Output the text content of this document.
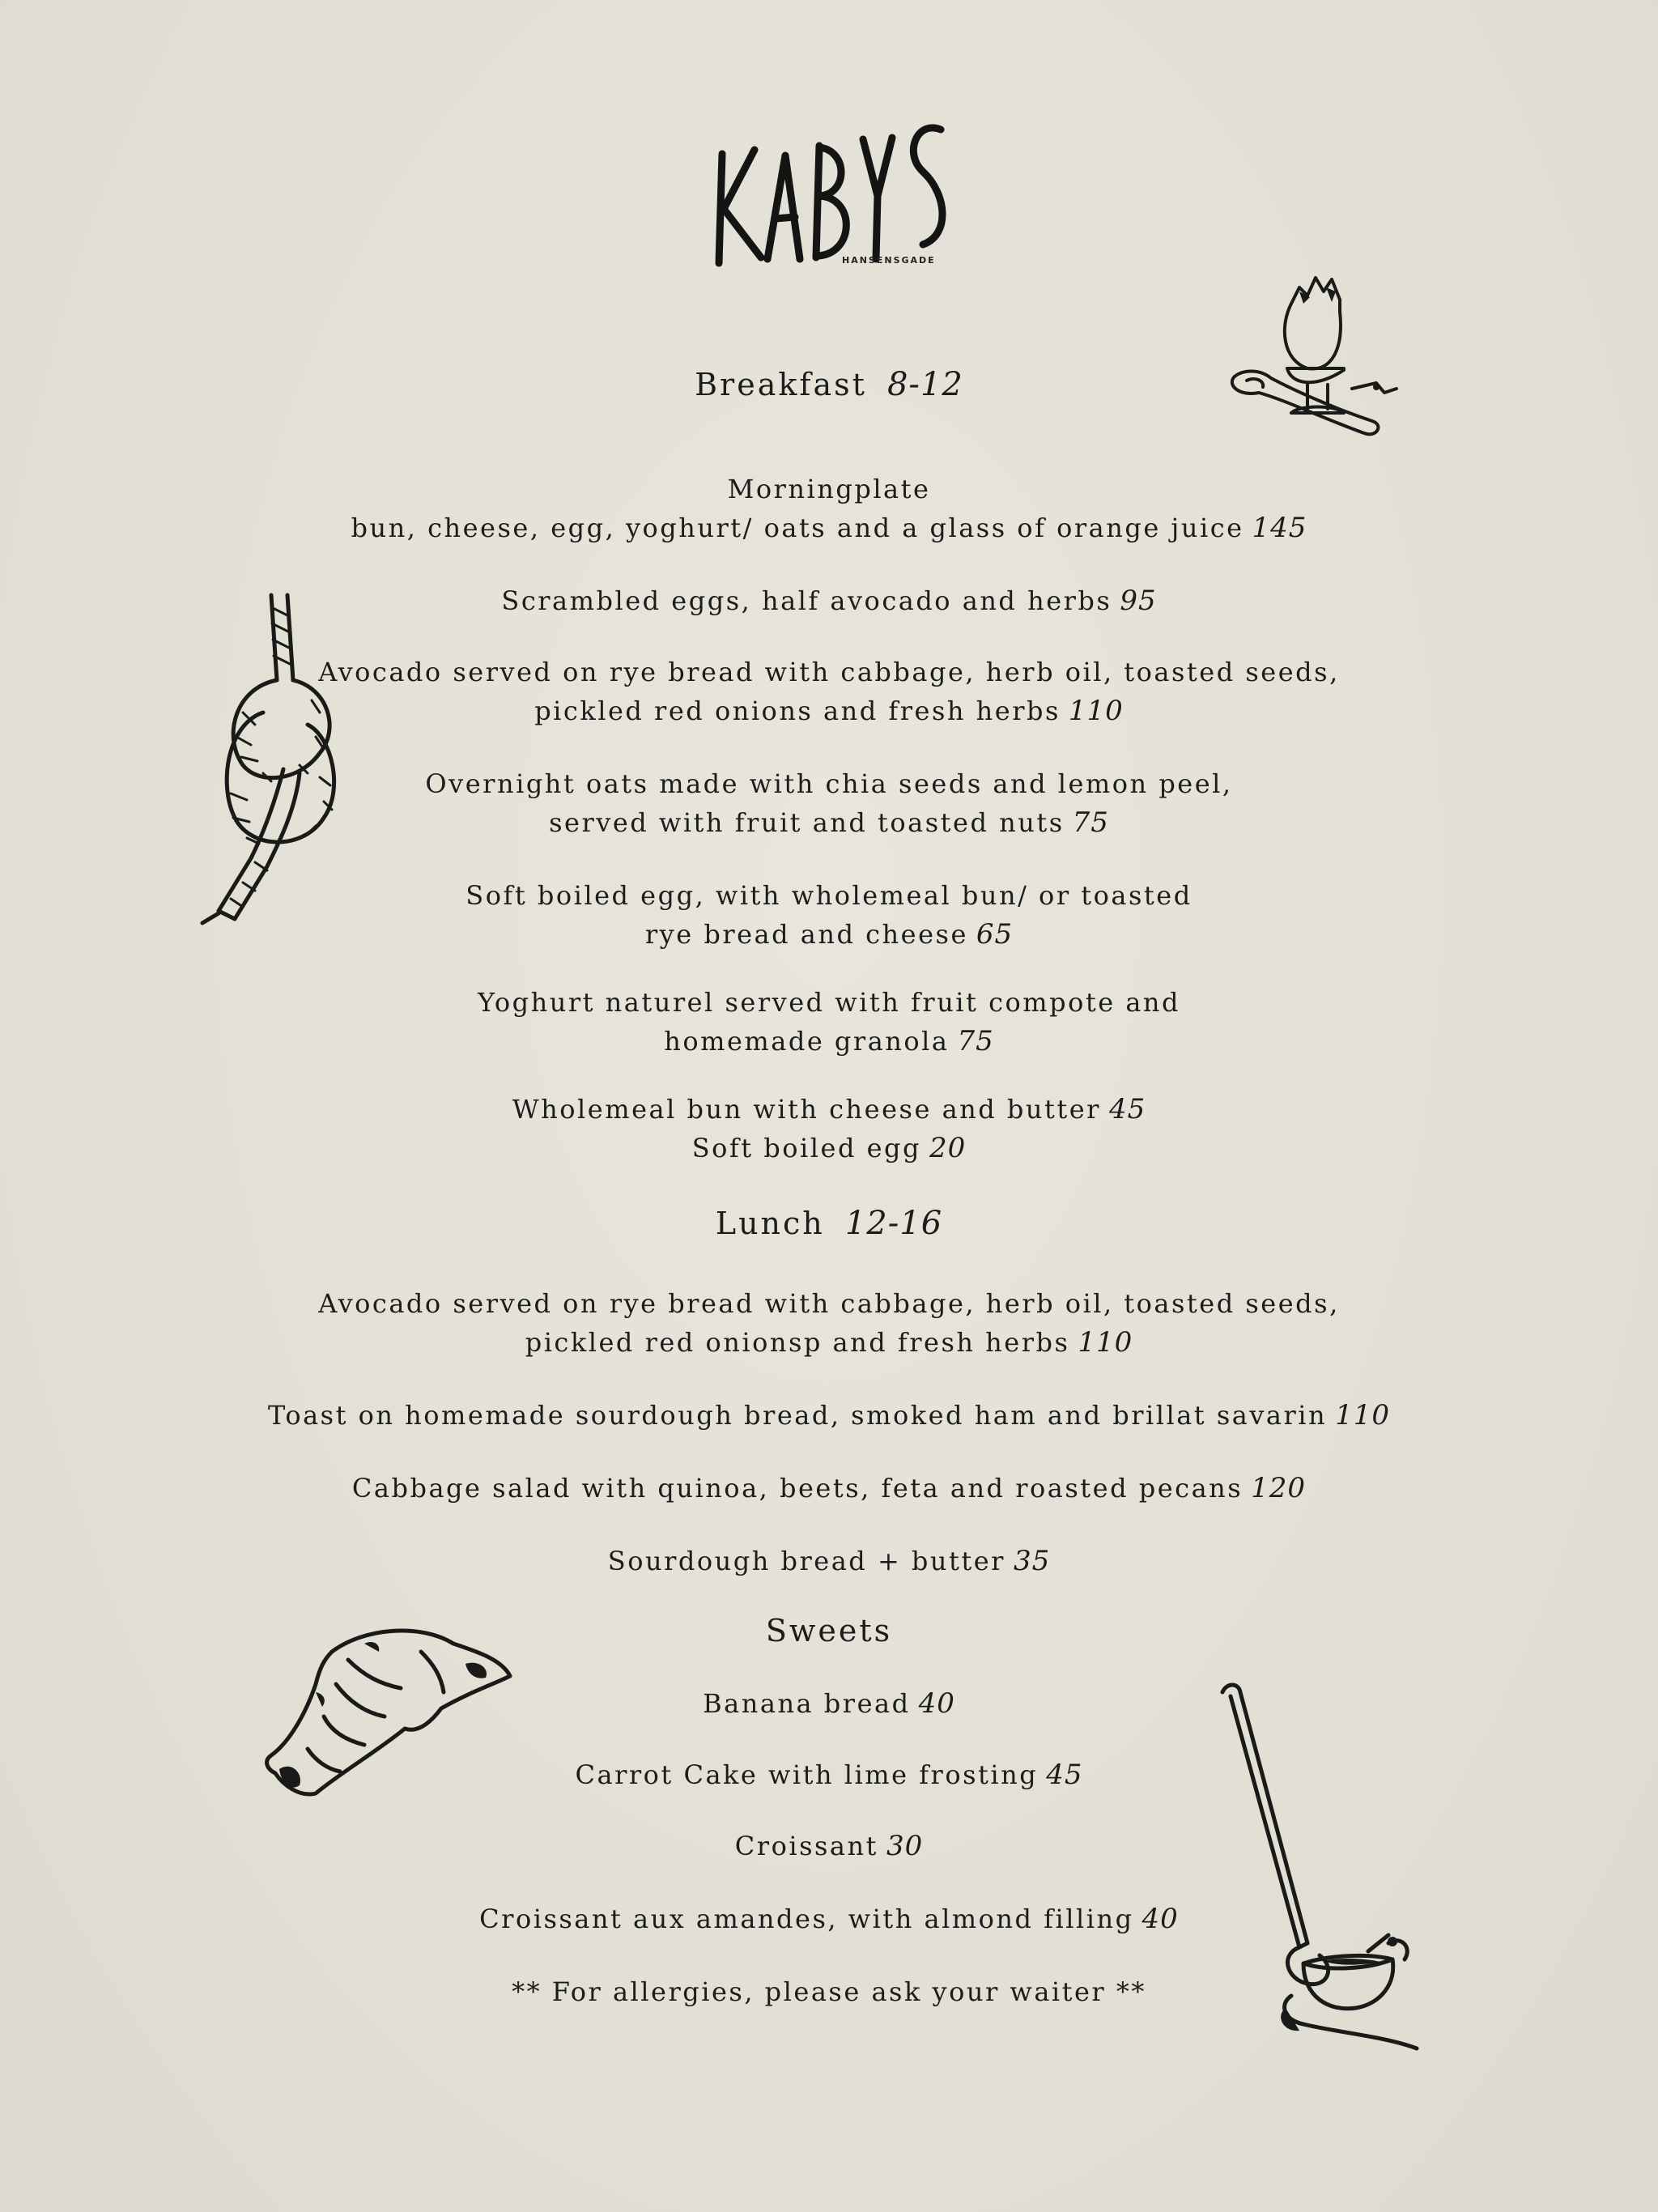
HANSENSGADE
Breakfast 8-12
Morningplate
bun, cheese, egg, yoghurt/ oats and a glass of orange juice 145
Scrambled eggs, half avocado and herbs 95
Avocado served on rye bread with cabbage, herb oil, toasted seeds,
pickled red onions and fresh herbs 110
Overnight oats made with chia seeds and lemon peel,
served with fruit and toasted nuts 75
Soft boiled egg, with wholemeal bun/ or toasted
rye bread and cheese 65
Yoghurt naturel served with fruit compote and
homemade granola 75
Wholemeal bun with cheese and butter 45
Soft boiled egg 20
Lunch 12-16
Avocado served on rye bread with cabbage, herb oil, toasted seeds,
pickled red onionsp and fresh herbs 110
Toast on homemade sourdough bread, smoked ham and brillat savarin 110
Cabbage salad with quinoa, beets, feta and roasted pecans 120
Sourdough bread + butter 35
Sweets
Banana bread 40
Carrot Cake with lime frosting 45
Croissant 30
Croissant aux amandes, with almond filling 40
** For allergies, please ask your waiter **
